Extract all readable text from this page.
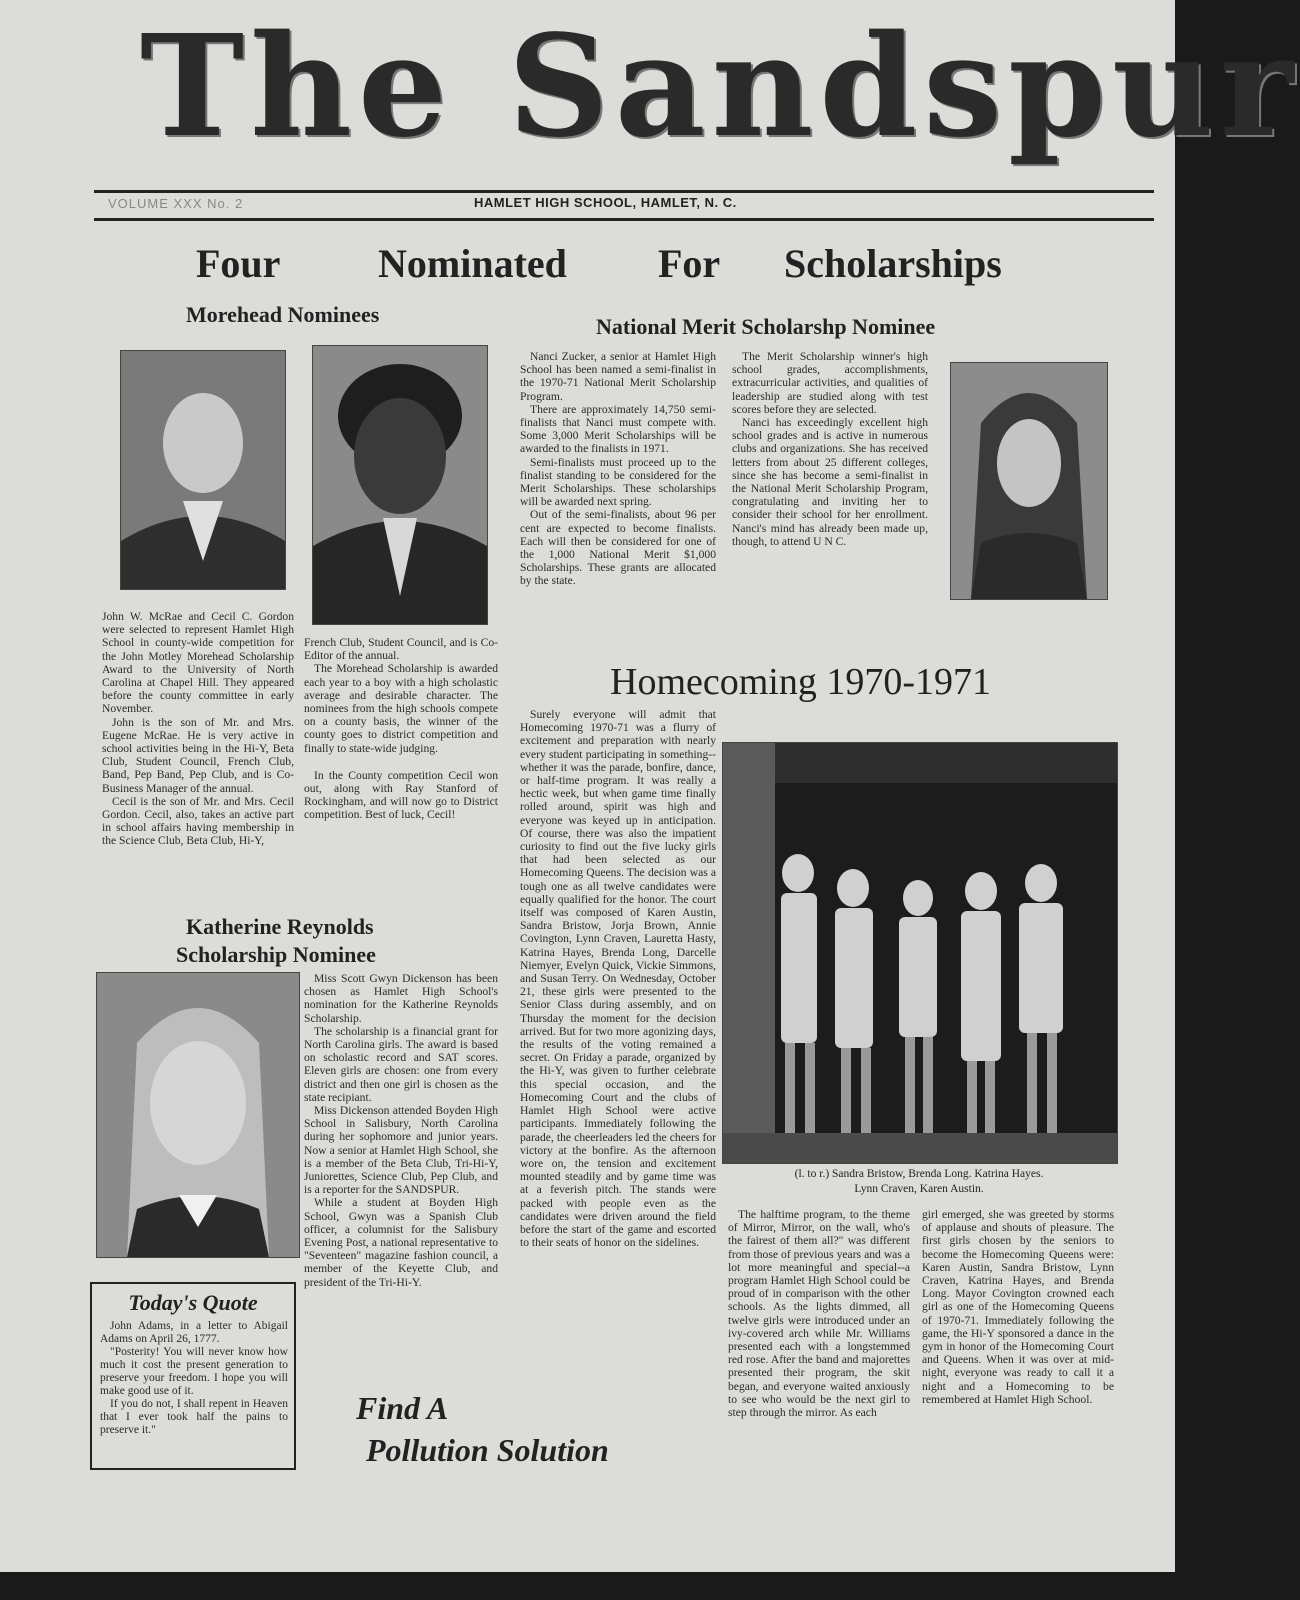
The Sandspur
VOLUME XXX No. 2	HAMLET HIGH SCHOOL, HAMLET, N. C.
Four Nominated For Scholarships
Morehead Nominees

John W. McRae and Cecil C. Gordon were selected to represent Hamlet High School in county-wide competition for the John Motley Morehead Scholarship Award to the University of North Carolina at Chapel Hill. They appeared before the county committee in early November.

John is the son of Mr. and Mrs. Eugene McRae. He is very active in school activities being in the Hi-Y, Beta Club, Student Council, French Club, Band, Pep Band, Pep Club, and is Co-Business Manager of the annual.

Cecil is the son of Mr. and Mrs. Cecil Gordon. Cecil, also, takes an active part in school affairs having membership in the Science Club, Beta Club, Hi-Y,

French Club, Student Council, and is Co-Editor of the annual.

The Morehead Scholarship is awarded each year to a boy with a high scholastic average and desirable character. The nominees from the high schools compete on a county basis, the winner of the county goes to district competition and finally to state-wide judging.

In the County competition Cecil won out, along with Ray Stanford of Rockingham, and will now go to District competition. Best of luck, Cecil!

National Merit Scholarshp Nominee

Nanci Zucker, a senior at Hamlet High School has been named a semi-finalist in the 1970-71 National Merit Scholarship Program.

There are approximately 14,750 semi-finalists that Nanci must compete with. Some 3,000 Merit Scholarships will be awarded to the finalists in 1971.

Semi-finalists must proceed up to the finalist standing to be considered for the Merit Scholarships. These scholarships will be awarded next spring.

Out of the semi-finalists, about 96 per cent are expected to become finalists. Each will then be considered for one of the 1,000 National Merit $1,000 Scholarships. These grants are allocated by the state.

The Merit Scholarship winner's high school grades, accomplishments, extracurricular activities, and qualities of leadership are studied along with test scores before they are selected.

Nanci has exceedingly excellent high school grades and is active in numerous clubs and organizations. She has received letters from about 25 different colleges, since she has become a semi-finalist in the National Merit Scholarship Program, congratulating and inviting her to consider their school for her enrollment. Nanci's mind has already been made up, though, to attend U N C.

Homecoming 1970-1971

Surely everyone will admit that Homecoming 1970-71 was a flurry of excitement and preparation with nearly every student participating in something--whether it was the parade, bonfire, dance, or half-time program. It was really a hectic week, but when game time finally rolled around, spirit was high and everyone was keyed up in anticipation. Of course, there was also the impatient curiosity to find out the five lucky girls that had been selected as our Homecoming Queens. The decision was a tough one as all twelve candidates were equally qualified for the honor. The court itself was composed of Karen Austin, Sandra Bristow, Jorja Brown, Annie Covington, Lynn Craven, Lauretta Hasty, Katrina Hayes, Brenda Long, Darcelle Niemyer, Evelyn Quick, Vickie Simmons, and Susan Terry. On Wednesday, October 21, these girls were presented to the Senior Class during assembly, and on Thursday the moment for the decision arrived. But for two more agonizing days, the results of the voting remained a secret. On Friday a parade, organized by the Hi-Y, was given to further celebrate this special occasion, and the Homecoming Court and the clubs of Hamlet High School were active participants. Immediately following the parade, the cheerleaders led the cheers for victory at the bonfire. As the afternoon wore on, the tension and excitement mounted steadily and by game time was at a feverish pitch. The stands were packed with people even as the candidates were driven around the field before the start of the game and escorted to their seats of honor on the sidelines.

(l. to r.) Sandra Bristow, Brenda Long. Katrina Hayes.
Lynn Craven, Karen Austin.

The halftime program, to the theme of Mirror, Mirror, on the wall, who's the fairest of them all?" was different from those of previous years and was a lot more meaningful and special--a program Hamlet High School could be proud of in comparison with the other schools. As the lights dimmed, all twelve girls were introduced under an ivy-covered arch while Mr. Williams presented each with a longstemmed red rose. After the band and majorettes presented their program, the skit began, and everyone waited anxiously to see who would be the next girl to step through the mirror. As each

girl emerged, she was greeted by storms of applause and shouts of pleasure. The first girls chosen by the seniors to become the Homecoming Queens were: Karen Austin, Sandra Bristow, Lynn Craven, Katrina Hayes, and Brenda Long. Mayor Covington crowned each girl as one of the Homecoming Queens of 1970-71. Immediately following the game, the Hi-Y sponsored a dance in the gym in honor of the Homecoming Court and Queens. When it was over at mid-night, everyone was ready to call it a night and a Homecoming to be remembered at Hamlet High School.

Katherine Reynolds
Scholarship Nominee

Miss Scott Gwyn Dickenson has been chosen as Hamlet High School's nomination for the Katherine Reynolds Scholarship.

The scholarship is a financial grant for North Carolina girls. The award is based on scholastic record and SAT scores. Eleven girls are chosen: one from every district and then one girl is chosen as the state recipiant.

Miss Dickenson attended Boyden High School in Salisbury, North Carolina during her sophomore and junior years. Now a senior at Hamlet High School, she is a member of the Beta Club, Tri-Hi-Y, Juniorettes, Science Club, Pep Club, and is a reporter for the SANDSPUR.

While a student at Boyden High School, Gwyn was a Spanish Club officer, a columnist for the Salisbury Evening Post, a national representative to "Seventeen" magazine fashion council, a member of the Keyette Club, and president of the Tri-Hi-Y.

Today's Quote

John Adams, in a letter to Abigail Adams on April 26, 1777.

"Posterity! You will never know how much it cost the present generation to preserve your freedom. I hope you will make good use of it.

If you do not, I shall repent in Heaven that I ever took half the pains to preserve it."

Find A
Pollution Solution
